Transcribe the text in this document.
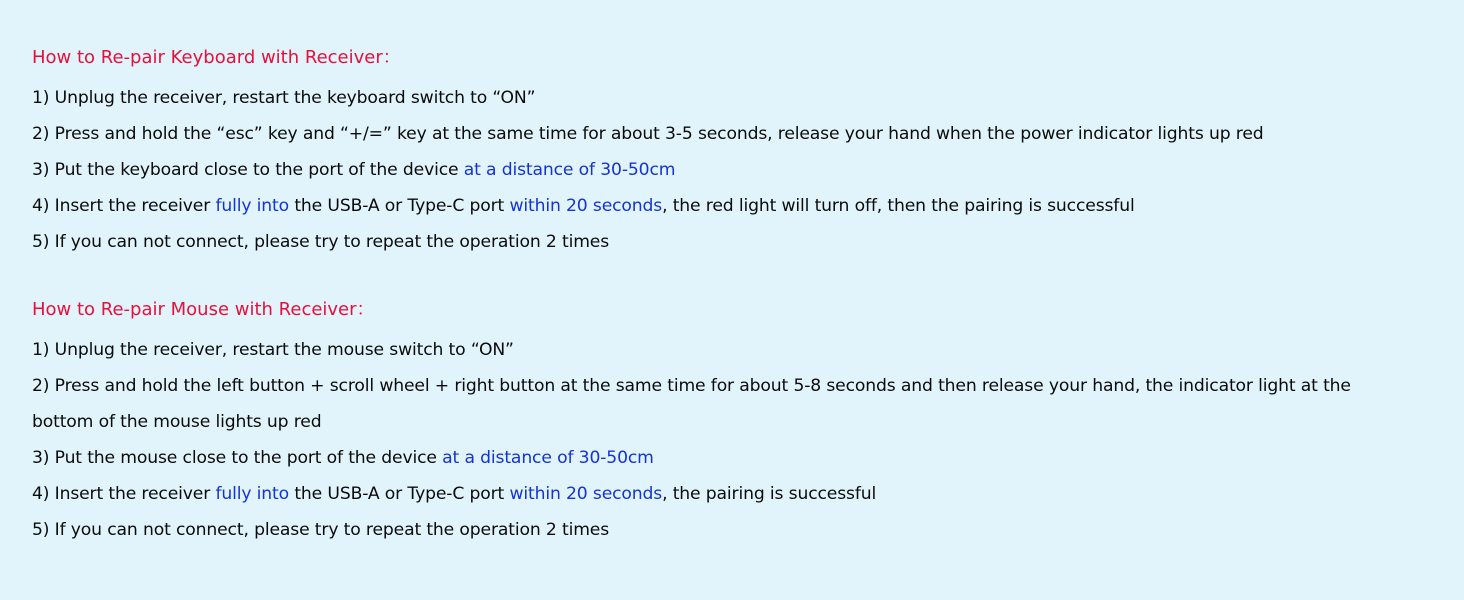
How to Re-pair Keyboard with Receiver：
1) Unplug the receiver, restart the keyboard switch to “ON”
2) Press and hold the “esc” key and “+/=” key at the same time for about 3-5 seconds, release your hand when the power indicator lights up red
3) Put the keyboard close to the port of the device at a distance of 30-50cm
4) Insert the receiver fully into the USB-A or Type-C port within 20 seconds, the red light will turn off, then the pairing is successful
5) If you can not connect, please try to repeat the operation 2 times
How to Re-pair Mouse with Receiver：
1) Unplug the receiver, restart the mouse switch to “ON”
2) Press and hold the left button + scroll wheel + right button at the same time for about 5-8 seconds and then release your hand, the indicator light at the bottom of the mouse lights up red
3) Put the mouse close to the port of the device at a distance of 30-50cm
4) Insert the receiver fully into the USB-A or Type-C port within 20 seconds, the pairing is successful
5) If you can not connect, please try to repeat the operation 2 times
